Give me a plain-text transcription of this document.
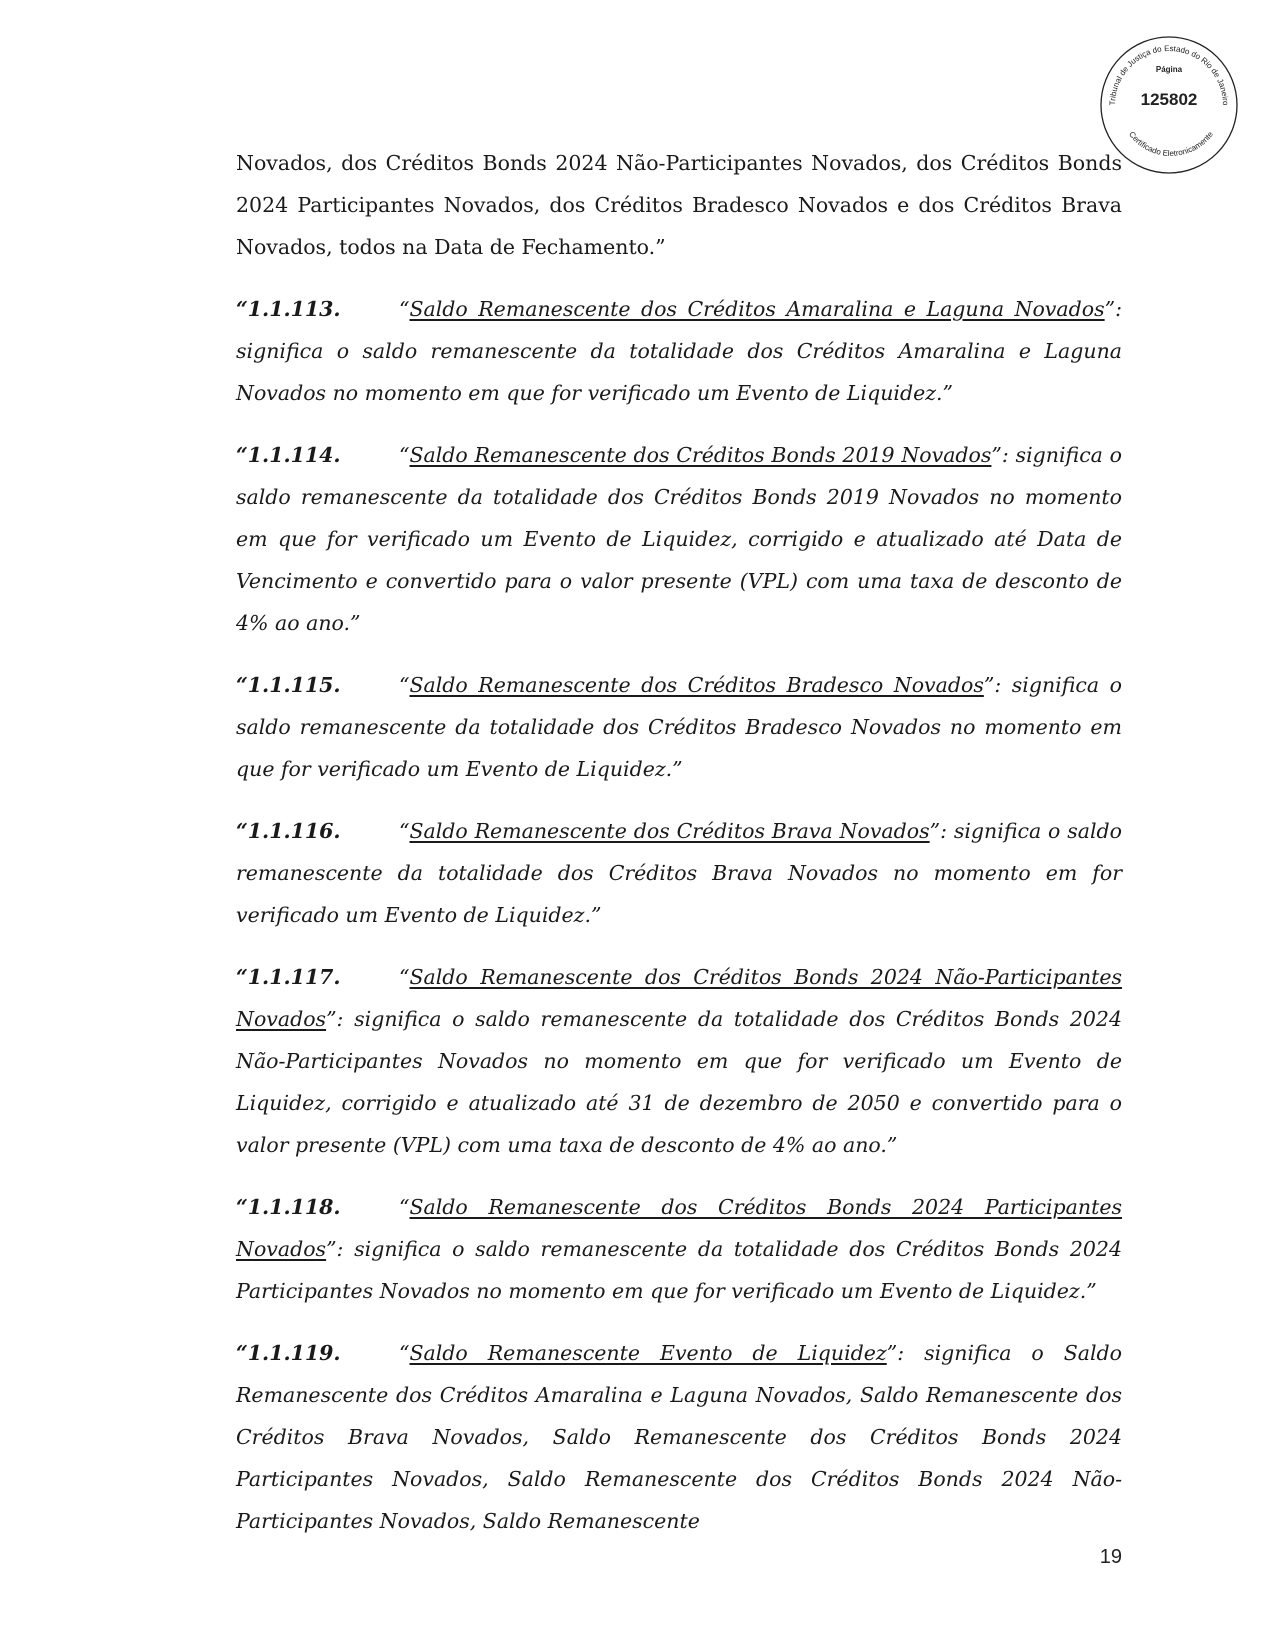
Tribunal de Justiça do Estado do Rio de Janeiro
Página
125802
Certificado Eletronicamente

Novados, dos Créditos Bonds 2024 Não-Participantes Novados, dos Créditos Bonds 2024 Participantes Novados, dos Créditos Bradesco Novados e dos Créditos Brava Novados, todos na Data de Fechamento.”

“1.1.113.	“Saldo Remanescente dos Créditos Amaralina e Laguna Novados”: significa o saldo remanescente da totalidade dos Créditos Amaralina e Laguna Novados no momento em que for verificado um Evento de Liquidez.”

“1.1.114.	“Saldo Remanescente dos Créditos Bonds 2019 Novados”: significa o saldo remanescente da totalidade dos Créditos Bonds 2019 Novados no momento em que for verificado um Evento de Liquidez, corrigido e atualizado até Data de Vencimento e convertido para o valor presente (VPL) com uma taxa de desconto de 4% ao ano.”

“1.1.115.	“Saldo Remanescente dos Créditos Bradesco Novados”: significa o saldo remanescente da totalidade dos Créditos Bradesco Novados no momento em que for verificado um Evento de Liquidez.”

“1.1.116.	“Saldo Remanescente dos Créditos Brava Novados”: significa o saldo remanescente da totalidade dos Créditos Brava Novados no momento em for verificado um Evento de Liquidez.”

“1.1.117.	“Saldo Remanescente dos Créditos Bonds 2024 Não-Participantes Novados”: significa o saldo remanescente da totalidade dos Créditos Bonds 2024 Não-Participantes Novados no momento em que for verificado um Evento de Liquidez, corrigido e atualizado até 31 de dezembro de 2050 e convertido para o valor presente (VPL) com uma taxa de desconto de 4% ao ano.”

“1.1.118.	“Saldo Remanescente dos Créditos Bonds 2024 Participantes Novados”: significa o saldo remanescente da totalidade dos Créditos Bonds 2024 Participantes Novados no momento em que for verificado um Evento de Liquidez.”

“1.1.119.	“Saldo Remanescente Evento de Liquidez”: significa o Saldo Remanescente dos Créditos Amaralina e Laguna Novados, Saldo Remanescente dos Créditos Brava Novados, Saldo Remanescente dos Créditos Bonds 2024 Participantes Novados, Saldo Remanescente dos Créditos Bonds 2024 Não-Participantes Novados, Saldo Remanescente

19
